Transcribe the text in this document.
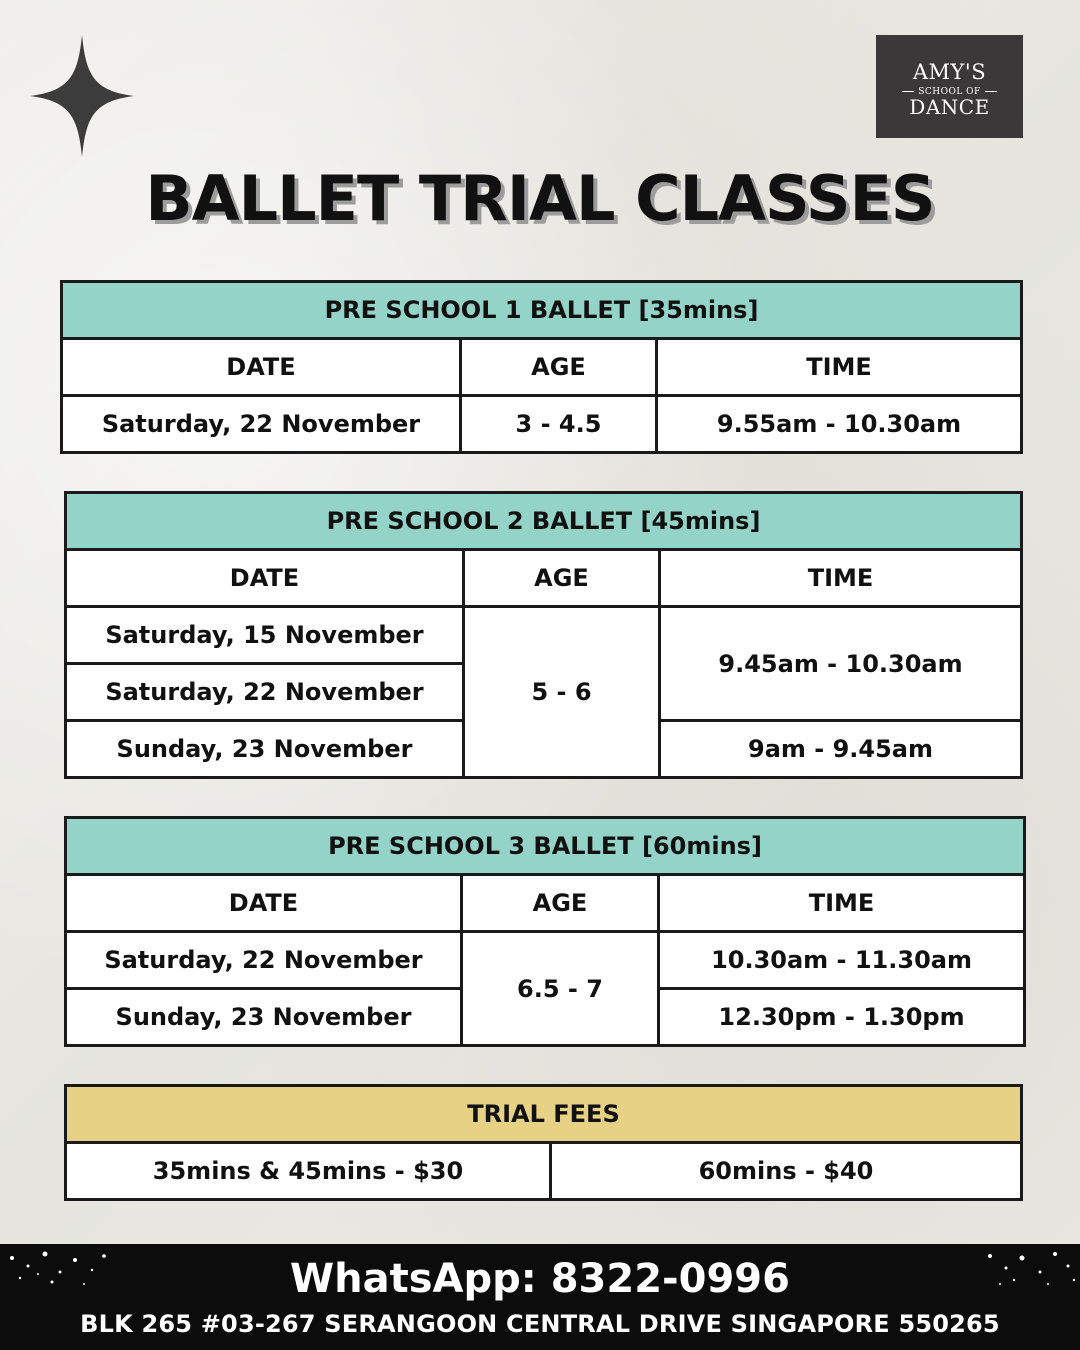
AMY'S
SCHOOL OF
DANCE
BALLET TRIAL CLASSES
PRE SCHOOL 1 BALLET [35mins]		
DATE	AGE	TIME
Saturday, 22 November	3 - 4.5	9.55am - 10.30am
PRE SCHOOL 2 BALLET [45mins]		
DATE	AGE	TIME
Saturday, 15 November	5 - 6	9.45am - 10.30am
Saturday, 22 November		
Sunday, 23 November		9am - 9.45am
PRE SCHOOL 3 BALLET [60mins]		
DATE	AGE	TIME
Saturday, 22 November	6.5 - 7	10.30am - 11.30am
Sunday, 23 November		12.30pm - 1.30pm
TRIAL FEES
35mins & 45mins - $30	60mins - $40
WhatsApp: 8322-0996
BLK 265 #03-267 SERANGOON CENTRAL DRIVE SINGAPORE 550265
